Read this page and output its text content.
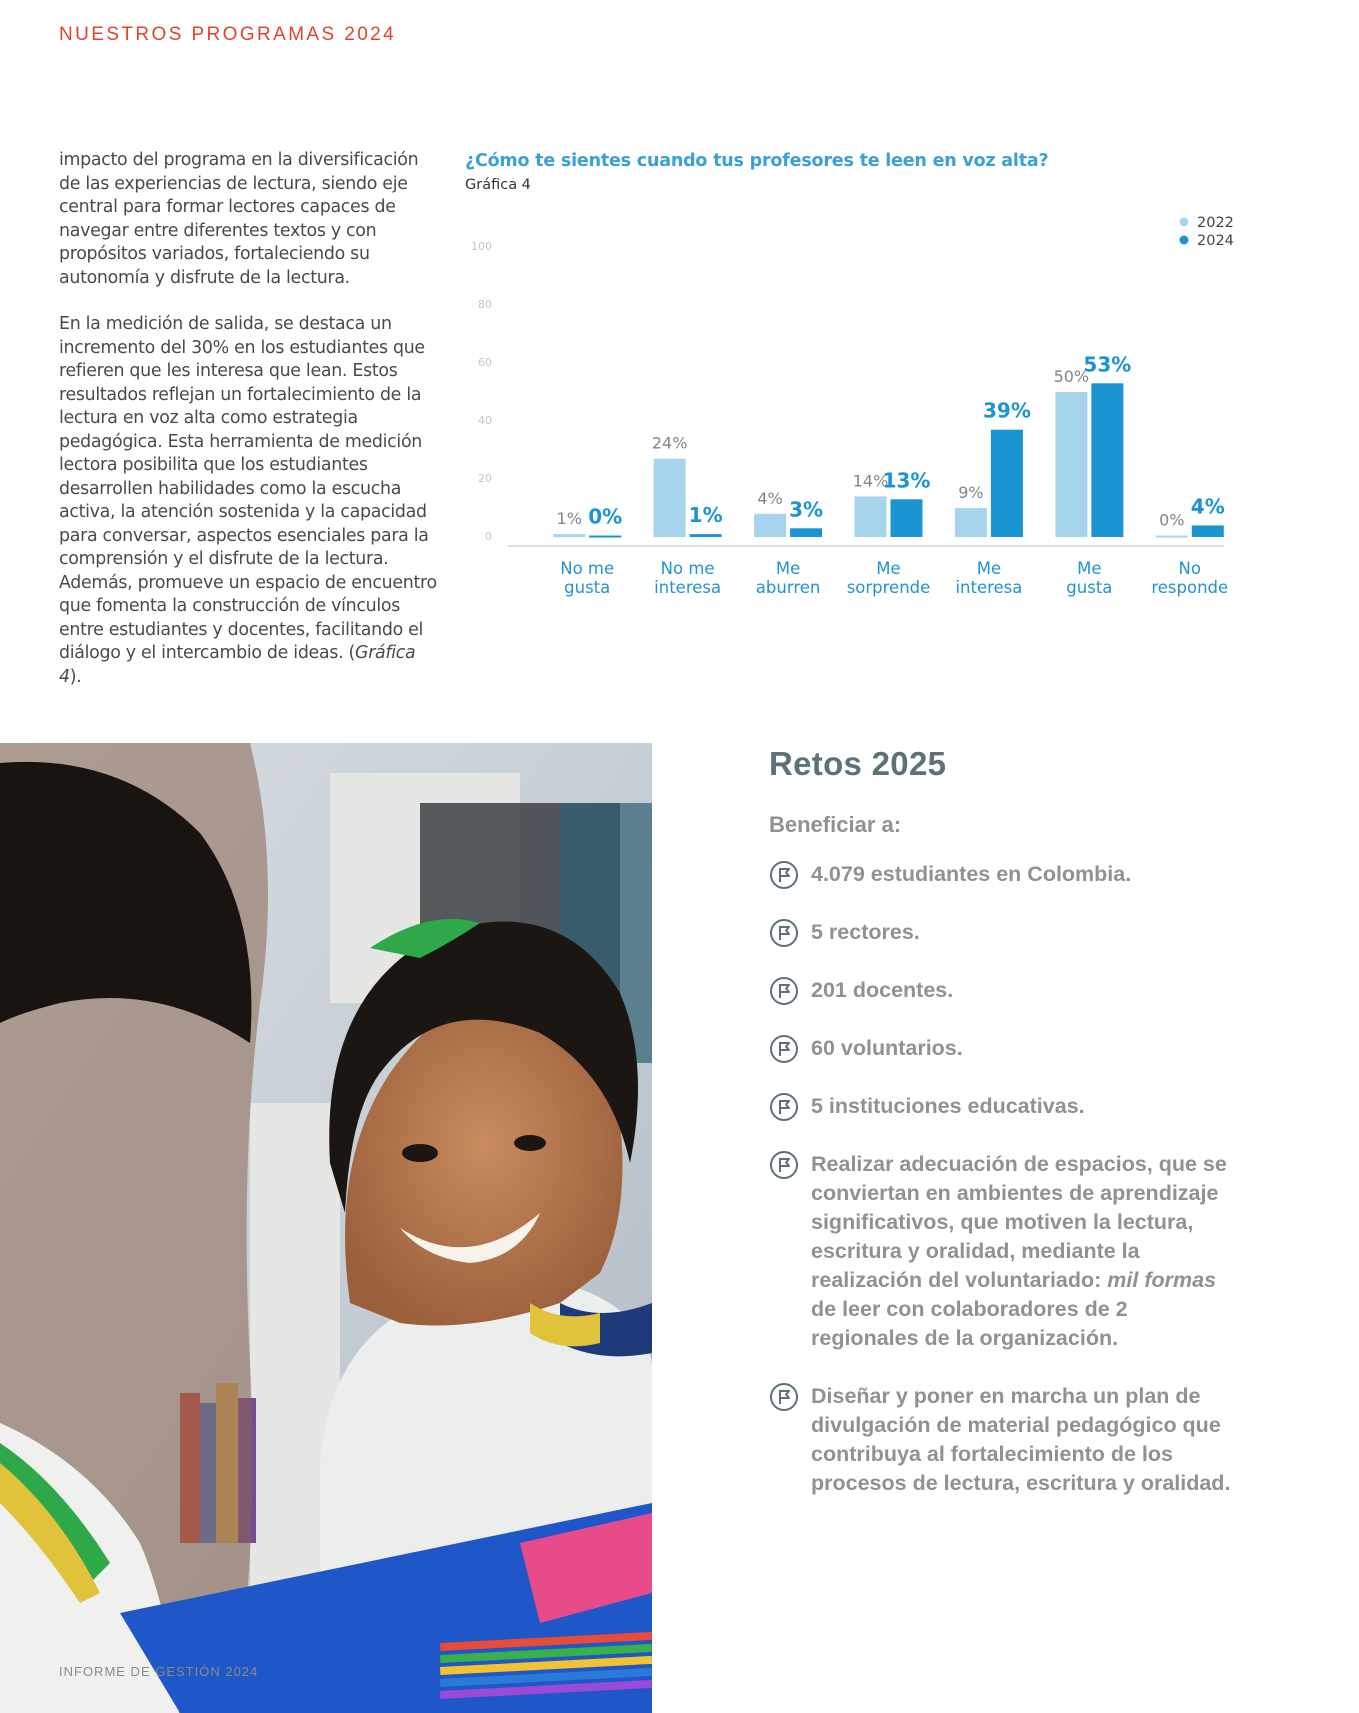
NUESTROS PROGRAMAS 2024

impacto del programa en la diversificación de las experiencias de lectura, siendo eje central para formar lectores capaces de navegar entre diferentes textos y con propósitos variados, fortaleciendo su autonomía y disfrute de la lectura.

En la medición de salida, se destaca un incremento del 30% en los estudiantes que refieren que les interesa que lean. Estos resultados reflejan un fortalecimiento de la lectura en voz alta como estrategia pedagógica. Esta herramienta de medición lectora posibilita que los estudiantes desarrollen habilidades como la escucha activa, la atención sostenida y la capacidad para conversar, aspectos esenciales para la comprensión y el disfrute de la lectura. Además, promueve un espacio de encuentro que fomenta la construcción de vínculos entre estudiantes y docentes, facilitando el diálogo y el intercambio de ideas. (Gráfica 4).

¿Cómo te sientes cuando tus profesores te leen en voz alta?
Gráfica 4
0
20
40
60
80
100
1% 0%
No me
gusta
24%
1%
No me
interesa
4% 3%
Me
aburren
14%
13%
Me
sorprende
9%
39%
Me
interesa
50%
53%
Me
gusta
0%
4%
No
responde
2022
2024
INFORME DE GESTIÓN 2024
Retos 2025
Beneficiar a:
4.079 estudiantes en Colombia.
5 rectores.
201 docentes.
60 voluntarios.
5 instituciones educativas.
Realizar adecuación de espacios, que se conviertan en ambientes de aprendizaje significativos, que motiven la lectura, escritura y oralidad, mediante la realización del voluntariado: mil formas de leer con colaboradores de 2 regionales de la organización.
Diseñar y poner en marcha un plan de divulgación de material pedagógico que contribuya al fortalecimiento de los procesos de lectura, escritura y oralidad.
